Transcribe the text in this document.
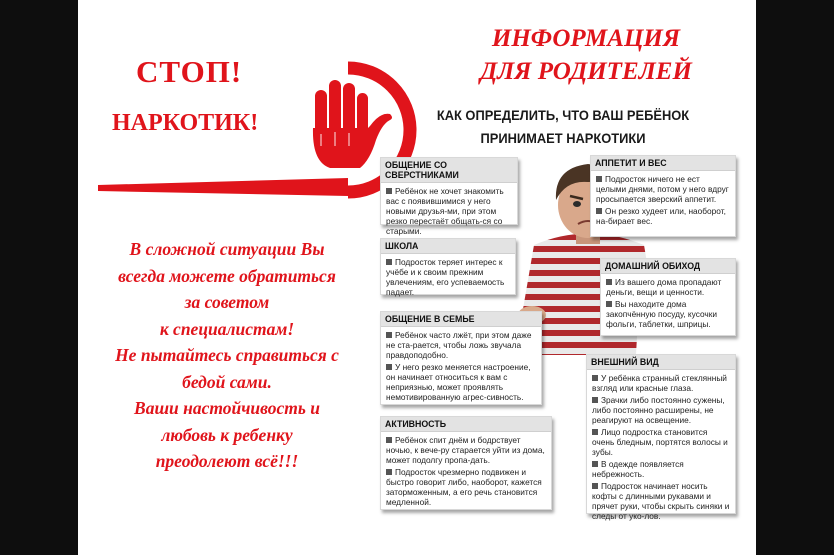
СТОП!
НАРКОТИК!
ИНФОРМАЦИЯ
ДЛЯ РОДИТЕЛЕЙ
КАК ОПРЕДЕЛИТЬ, ЧТО ВАШ РЕБЁНОК
ПРИНИМАЕТ НАРКОТИКИ
В сложной ситуации Вы
всегда можете обратиться
за советом
к специалистам!
Не пытайтесь справиться с
бедой сами.
Ваши настойчивость и
любовь к ребенку
преодолеют всё!!!
ОБЩЕНИЕ СО СВЕРСТНИКАМИ

Ребёнок не хочет знакомить вас с появившимися у него новыми друзья-ми, при этом резко перестаёт общать-ся со старыми.

ШКОЛА

Подросток теряет интерес к учёбе и к своим прежним увлечениям, его успеваемость падает.

ОБЩЕНИЕ В СЕМЬЕ

Ребёнок часто лжёт, при этом даже не ста-рается, чтобы ложь звучала правдоподобно.

У него резко меняется настроение, он начинает относиться к вам с неприязнью, может проявлять немотивированную агрес-сивность.

АКТИВНОСТЬ

Ребёнок спит днём и бодрствует ночью, к вече-ру старается уйти из дома, может подолгу пропа-дать.

Подросток чрезмерно подвижен и быстро говорит либо, наоборот, кажется заторможенным, а его речь становится медленной.

АППЕТИТ И ВЕС

Подросток ничего не ест целыми днями, потом у него вдруг просыпается зверский аппетит.

Он резко худеет или, наоборот, на-бирает вес.

ДОМАШНИЙ ОБИХОД

Из вашего дома пропадают деньги, вещи и ценности.

Вы находите дома закопчённую посуду, кусочки фольги, таблетки, шприцы.

ВНЕШНИЙ ВИД

У ребёнка странный стеклянный взгляд или красные глаза.

Зрачки либо постоянно сужены, либо постоянно расширены, не реагируют на освещение.

Лицо подростка становится очень бледным, портятся волосы и зубы.

В одежде появляется небрежность.

Подросток начинает носить кофты с длинными рукавами и прячет руки, чтобы скрыть синяки и следы от уко-лов.
